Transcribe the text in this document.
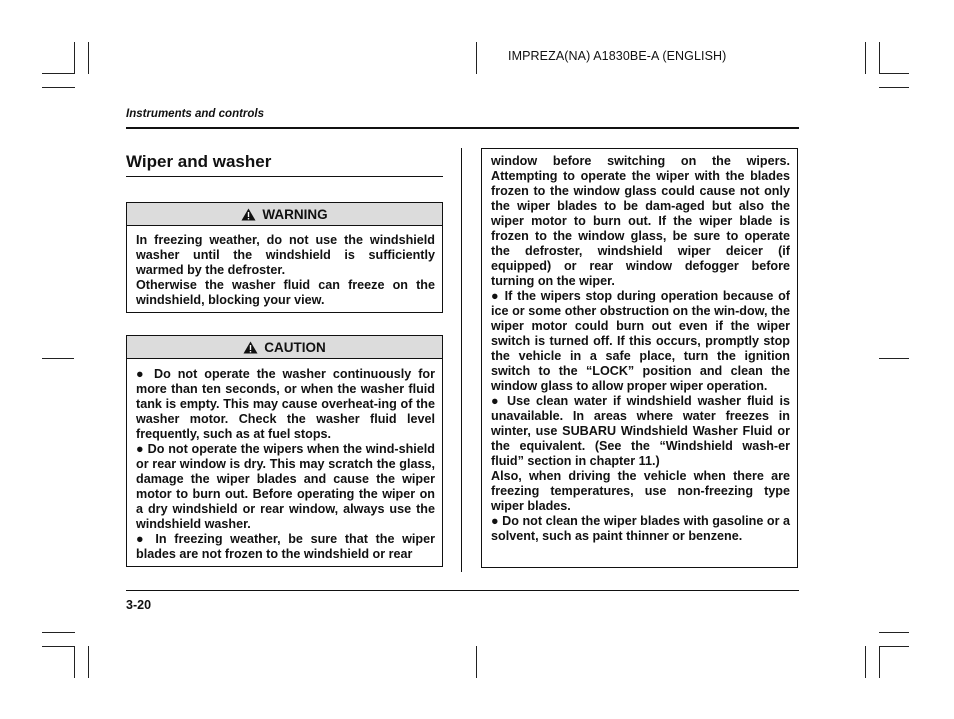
IMPREZA(NA) A1830BE-A (ENGLISH)
Instruments and controls
Wiper and washer
WARNING

In freezing weather, do not use the windshield washer until the windshield is sufficiently warmed by the defroster.

Otherwise the washer fluid can freeze on the windshield, blocking your view.

CAUTION

● Do not operate the washer continuously for more than ten seconds, or when the washer fluid tank is empty. This may cause overheat-ing of the washer motor. Check the washer fluid level frequently, such as at fuel stops.

● Do not operate the wipers when the wind-shield or rear window is dry. This may scratch the glass, damage the wiper blades and cause the wiper motor to burn out. Before operating the wiper on a dry windshield or rear window, always use the windshield washer.

● In freezing weather, be sure that the wiper blades are not frozen to the windshield or rear

window before switching on the wipers. Attempting to operate the wiper with the blades frozen to the window glass could cause not only the wiper blades to be dam-aged but also the wiper motor to burn out. If the wiper blade is frozen to the window glass, be sure to operate the defroster, windshield wiper deicer (if equipped) or rear window defogger before turning on the wiper.

● If the wipers stop during operation because of ice or some other obstruction on the win-dow, the wiper motor could burn out even if the wiper switch is turned off. If this occurs, promptly stop the vehicle in a safe place, turn the ignition switch to the “LOCK” position and clean the window glass to allow proper wiper operation.

● Use clean water if windshield washer fluid is unavailable. In areas where water freezes in winter, use SUBARU Windshield Washer Fluid or the equivalent. (See the “Windshield wash-er fluid” section in chapter 11.)

Also, when driving the vehicle when there are freezing temperatures, use non-freezing type wiper blades.

● Do not clean the wiper blades with gasoline or a solvent, such as paint thinner or benzene.

3-20
